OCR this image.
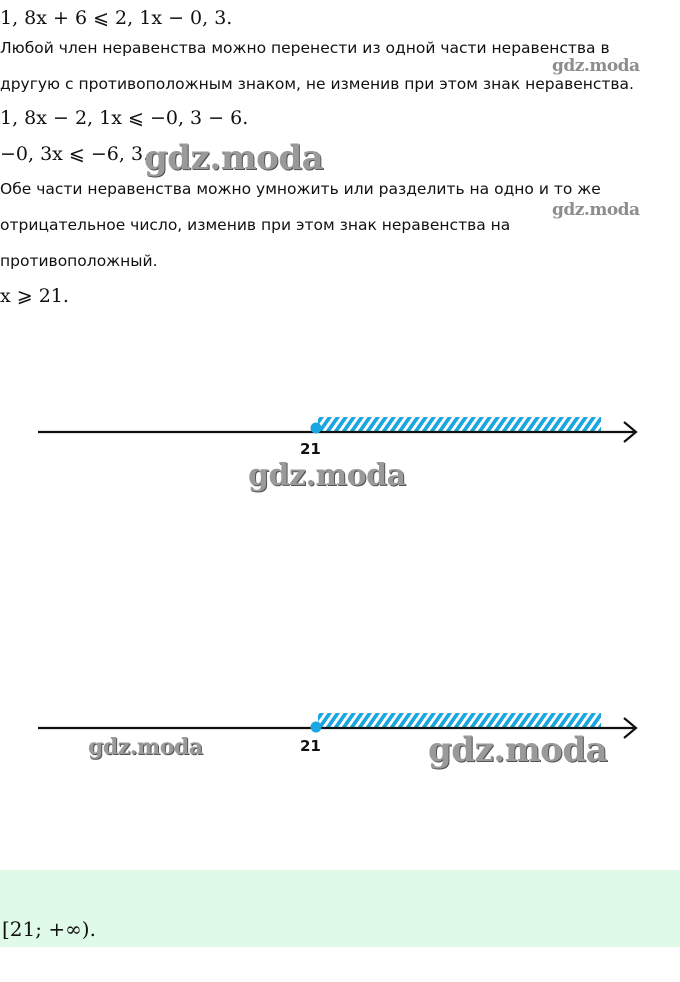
1, 8x + 6 ⩽ 2, 1x − 0, 3.
Любой член неравенства можно перенести из одной части неравенства в
gdz.moda
другую с противоположным знаком, не изменив при этом знак неравенства.
1, 8x − 2, 1x ⩽ −0, 3 − 6.
−0, 3x ⩽ −6, 3.
gdz.moda
Обе части неравенства можно умножить или разделить на одно и то же
gdz.moda
отрицательное число, изменив при этом знак неравенства на
противоположный.
x ⩾ 21.
21
gdz.moda
21
gdz.moda	gdz.moda
[21; +∞).
